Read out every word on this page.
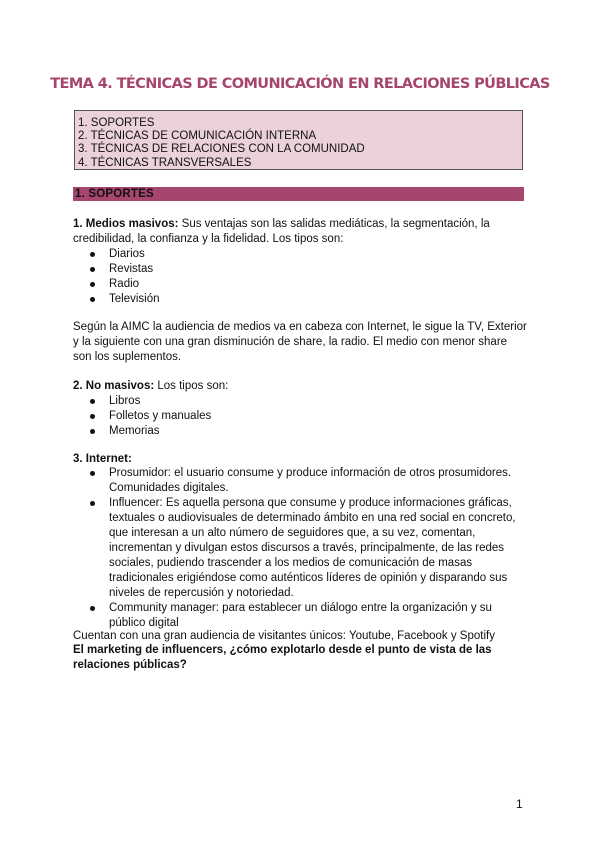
TEMA 4. TÉCNICAS DE COMUNICACIÓN EN RELACIONES PÚBLICAS
1. SOPORTES
2. TÉCNICAS DE COMUNICACIÓN INTERNA
3. TÉCNICAS DE RELACIONES CON LA COMUNIDAD
4. TÉCNICAS TRANSVERSALES
1. SOPORTES
1. Medios masivos: Sus ventajas son las salidas mediáticas, la segmentación, la credibilidad, la confianza y la fidelidad. Los tipos son:
Diarios
Revistas
Radio
Televisión
Según la AIMC la audiencia de medios va en cabeza con Internet, le sigue la TV, Exterior y la siguiente con una gran disminución de share, la radio. El medio con menor share son los suplementos.
2. No masivos: Los tipos son:
Libros
Folletos y manuales
Memorias
3. Internet:
Prosumidor: el usuario consume y produce información de otros prosumidores. Comunidades digitales.
Influencer: Es aquella persona que consume y produce informaciones gráficas, textuales o audiovisuales de determinado ámbito en una red social en concreto, que interesan a un alto número de seguidores que, a su vez, comentan, incrementan y divulgan estos discursos a través, principalmente, de las redes sociales, pudiendo trascender a los medios de comunicación de masas tradicionales erigiéndose como auténticos líderes de opinión y disparando sus niveles de repercusión y notoriedad.
Community manager: para establecer un diálogo entre la organización y su público digital
Cuentan con una gran audiencia de visitantes únicos: Youtube, Facebook y Spotify
El marketing de influencers, ¿cómo explotarlo desde el punto de vista de las relaciones públicas?
1
